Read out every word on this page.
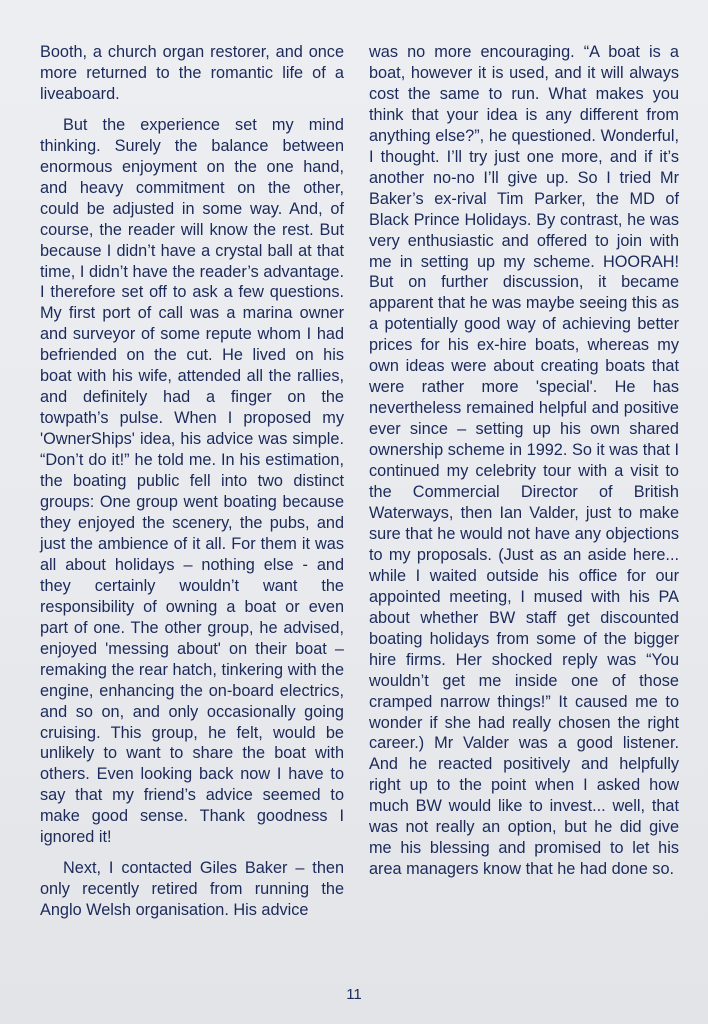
Booth, a church organ restorer, and once more returned to the romantic life of a liveaboard.

But the experience set my mind thinking. Surely the balance between enormous enjoyment on the one hand, and heavy commitment on the other, could be adjusted in some way. And, of course, the reader will know the rest. But because I didn’t have a crystal ball at that time, I didn’t have the reader’s advantage. I therefore set off to ask a few questions. My first port of call was a marina owner and surveyor of some repute whom I had befriended on the cut. He lived on his boat with his wife, attended all the rallies, and definitely had a finger on the towpath’s pulse. When I proposed my 'OwnerShips' idea, his advice was simple. “Don’t do it!” he told me. In his estimation, the boating public fell into two distinct groups: One group went boating because they enjoyed the scenery, the pubs, and just the ambience of it all. For them it was all about holidays – nothing else - and they certainly wouldn’t want the responsibility of owning a boat or even part of one. The other group, he advised, enjoyed 'messing about' on their boat – remaking the rear hatch, tinkering with the engine, enhancing the on-board electrics, and so on, and only occasionally going cruising. This group, he felt, would be unlikely to want to share the boat with others. Even looking back now I have to say that my friend’s advice seemed to make good sense. Thank goodness I ignored it!

Next, I contacted Giles Baker – then only recently retired from running the Anglo Welsh organisation. His advice

was no more encouraging. “A boat is a boat, however it is used, and it will always cost the same to run. What makes you think that your idea is any different from anything else?”, he questioned. Wonderful, I thought. I’ll try just one more, and if it’s another no-no I’ll give up. So I tried Mr Baker’s ex-rival Tim Parker, the MD of Black Prince Holidays. By contrast, he was very enthusiastic and offered to join with me in setting up my scheme. HOORAH! But on further discussion, it became apparent that he was maybe seeing this as a potentially good way of achieving better prices for his ex-hire boats, whereas my own ideas were about creating boats that were rather more 'special'. He has nevertheless remained helpful and positive ever since – setting up his own shared ownership scheme in 1992. So it was that I continued my celebrity tour with a visit to the Commercial Director of British Waterways, then Ian Valder, just to make sure that he would not have any objections to my proposals. (Just as an aside here... while I waited outside his office for our appointed meeting, I mused with his PA about whether BW staff get discounted boating holidays from some of the bigger hire firms. Her shocked reply was “You wouldn’t get me inside one of those cramped narrow things!” It caused me to wonder if she had really chosen the right career.) Mr Valder was a good listener. And he reacted positively and helpfully right up to the point when I asked how much BW would like to invest... well, that was not really an option, but he did give me his blessing and promised to let his area managers know that he had done so.

11
